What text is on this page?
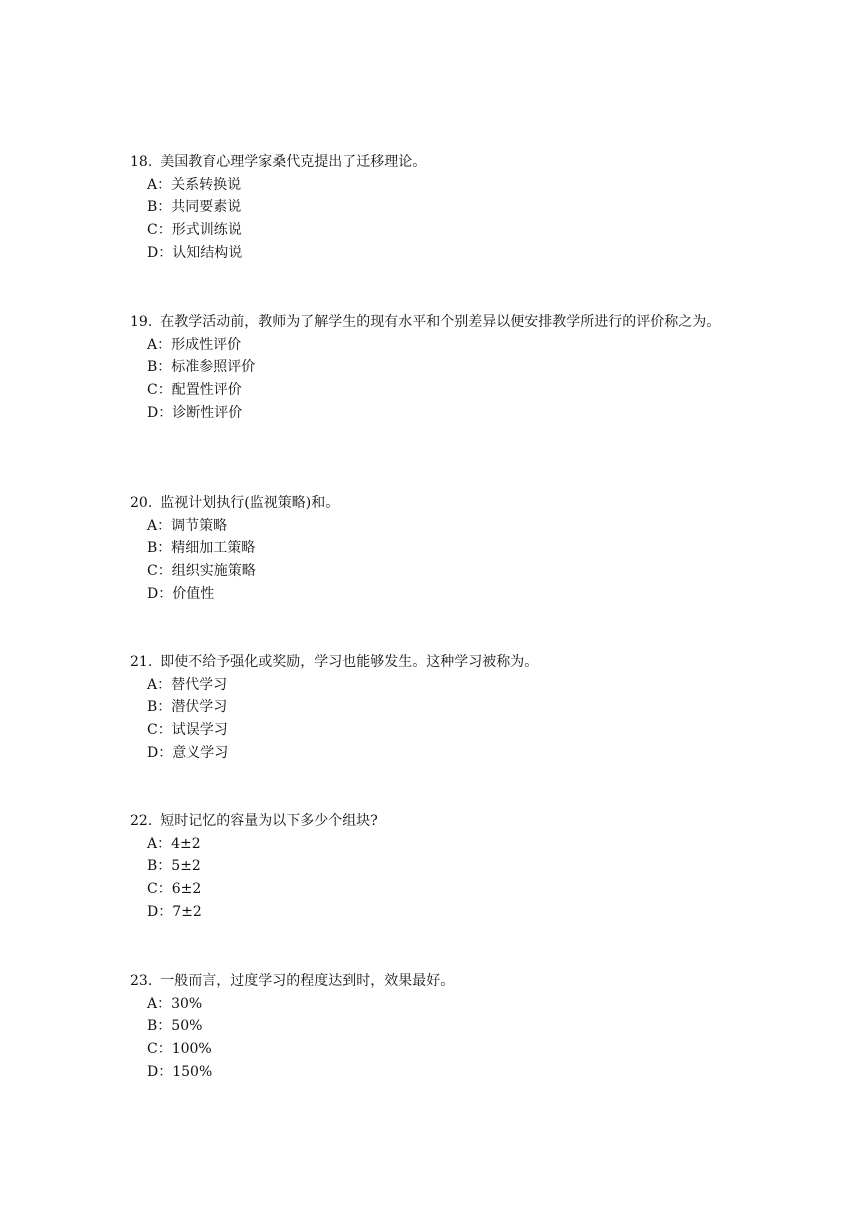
18. 美国教育心理学家桑代克提出了迁移理论。

A：关系转换说
B：共同要素说
C：形式训练说
D：认知结构说

19. 在教学活动前，教师为了解学生的现有水平和个别差异以便安排教学所进行的评价称之为。

A：形成性评价
B：标准参照评价
C：配置性评价
D：诊断性评价

20. 监视计划执行(监视策略)和。

A：调节策略
B：精细加工策略
C：组织实施策略
D：价值性

21. 即使不给予强化或奖励，学习也能够发生。这种学习被称为。

A：替代学习
B：潜伏学习
C：试误学习
D：意义学习

22. 短时记忆的容量为以下多少个组块?

A：4±2
B：5±2
C：6±2
D：7±2

23. 一般而言，过度学习的程度达到时，效果最好。

A：30%
B：50%
C：100%
D：150%
